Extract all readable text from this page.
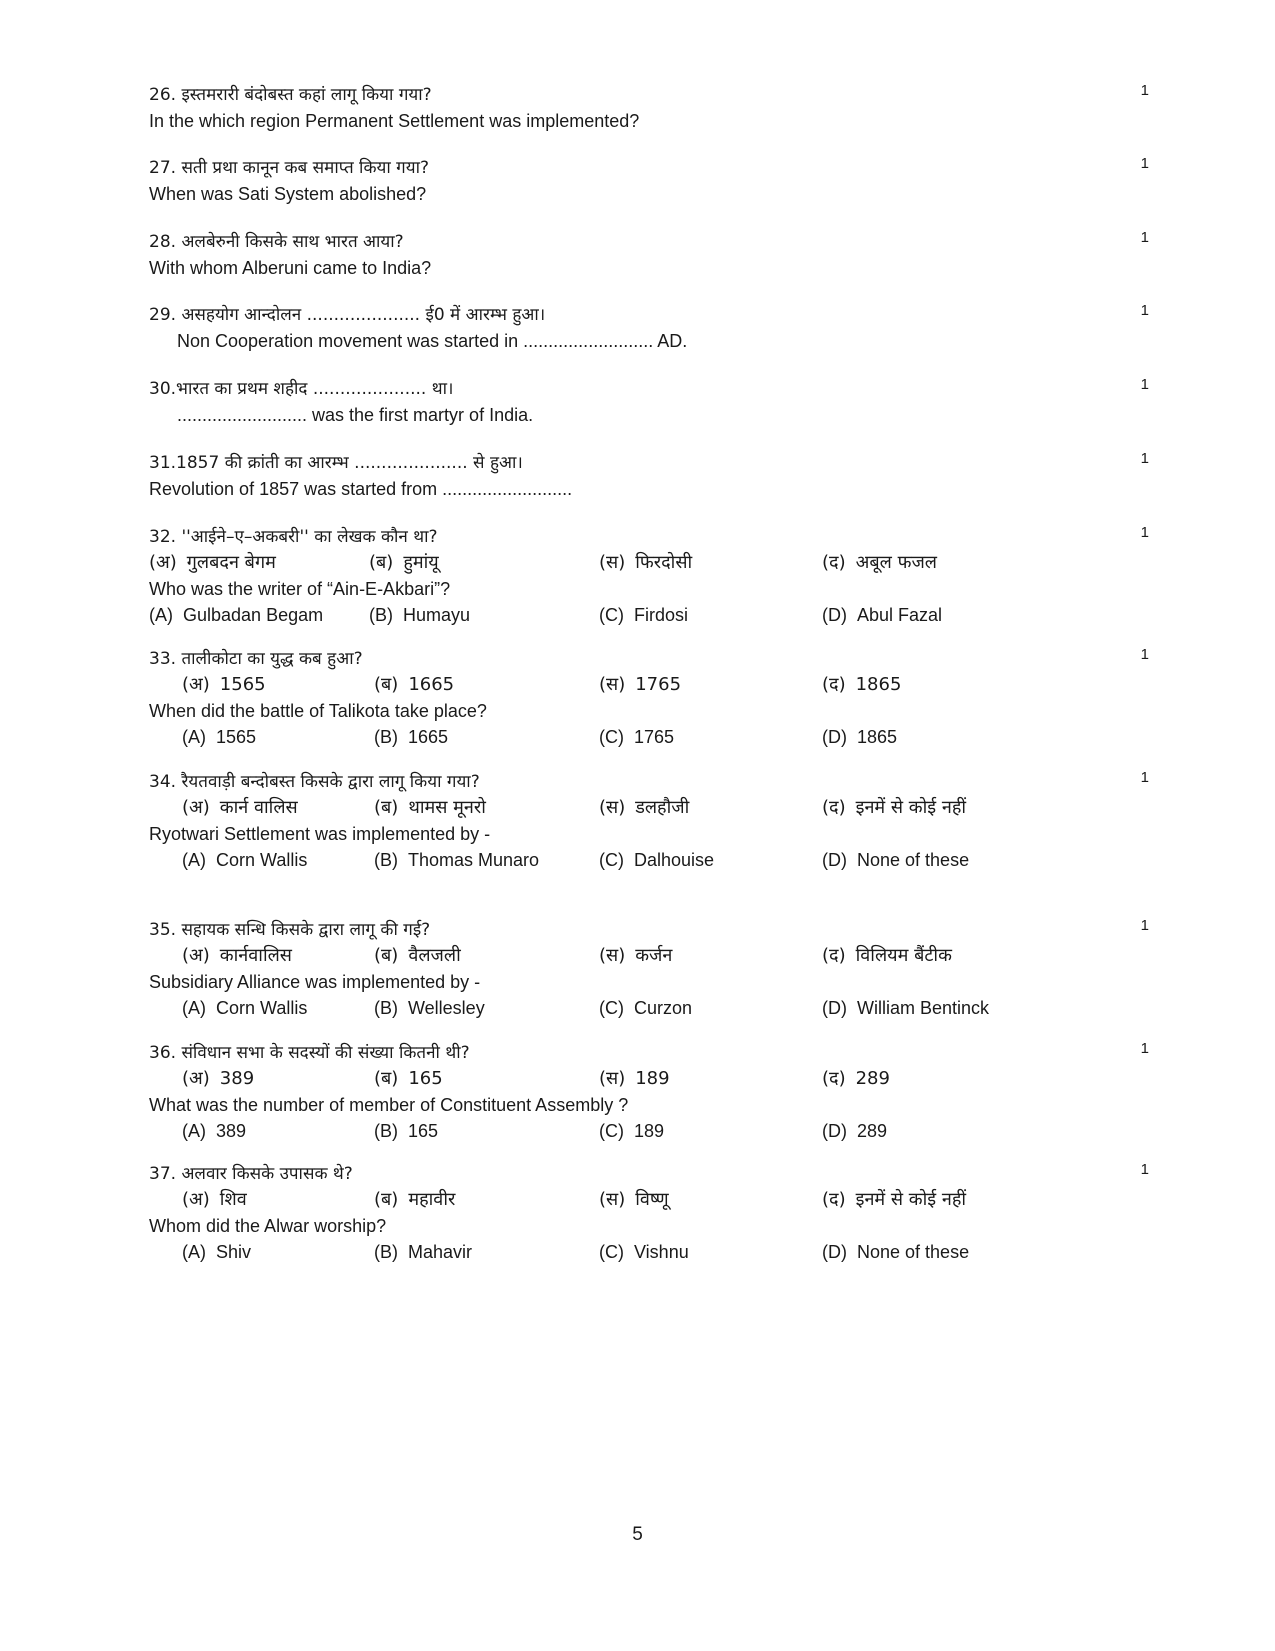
26. इस्तमरारी बंदोबस्त कहां लागू किया गया?	1
In the which region Permanent Settlement was implemented?
27. सती प्रथा कानून कब समाप्त किया गया?	1
When was Sati System abolished?
28. अलबेरुनी किसके साथ भारत आया?	1
With whom Alberuni came to India?
29. असहयोग आन्दोलन ..................... ई0 में आरम्भ हुआ।	1
Non Cooperation movement was started in .......................... AD.
30.भारत का प्रथम शहीद ..................... था।	1
.......................... was the first martyr of India.
31.1857 की क्रांती का आरम्भ ..................... से हुआ।	1
Revolution of 1857 was started from ..........................
32. ''आईने–ए–अकबरी'' का लेखक कौन था?	1
(अ) गुलबदन बेगम	(ब) हुमांयू	(स) फिरदोसी	(द) अबूल फजल
Who was the writer of “Ain-E-Akbari”?
(A) Gulbadan Begam	(B) Humayu	(C) Firdosi	(D) Abul Fazal
33. तालीकोटा का युद्ध कब हुआ?	1
(अ) 1565	(ब) 1665	(स) 1765	(द) 1865
When did the battle of Talikota take place?
(A) 1565	(B) 1665	(C) 1765	(D) 1865
34. रैयतवाड़ी बन्दोबस्त किसके द्वारा लागू किया गया?	1
(अ) कार्न वालिस	(ब) थामस मूनरो	(स) डलहौजी	(द) इनमें से कोई नहीं
Ryotwari Settlement was implemented by -
(A) Corn Wallis	(B) Thomas Munaro	(C) Dalhouise	(D) None of these
35. सहायक सन्धि किसके द्वारा लागू की गई?	1
(अ) कार्नवालिस	(ब) वैलजली	(स) कर्जन	(द) विलियम बैंटीक
Subsidiary Alliance was implemented by -
(A) Corn Wallis	(B) Wellesley	(C) Curzon	(D) William Bentinck
36. संविधान सभा के सदस्यों की संख्या कितनी थी?	1
(अ) 389	(ब) 165	(स) 189	(द) 289
What was the number of member of Constituent Assembly ?
(A) 389	(B) 165	(C) 189	(D) 289
37. अलवार किसके उपासक थे?	1
(अ) शिव	(ब) महावीर	(स) विष्णू	(द) इनमें से कोई नहीं
Whom did the Alwar worship?
(A) Shiv	(B) Mahavir	(C) Vishnu	(D) None of these
5
